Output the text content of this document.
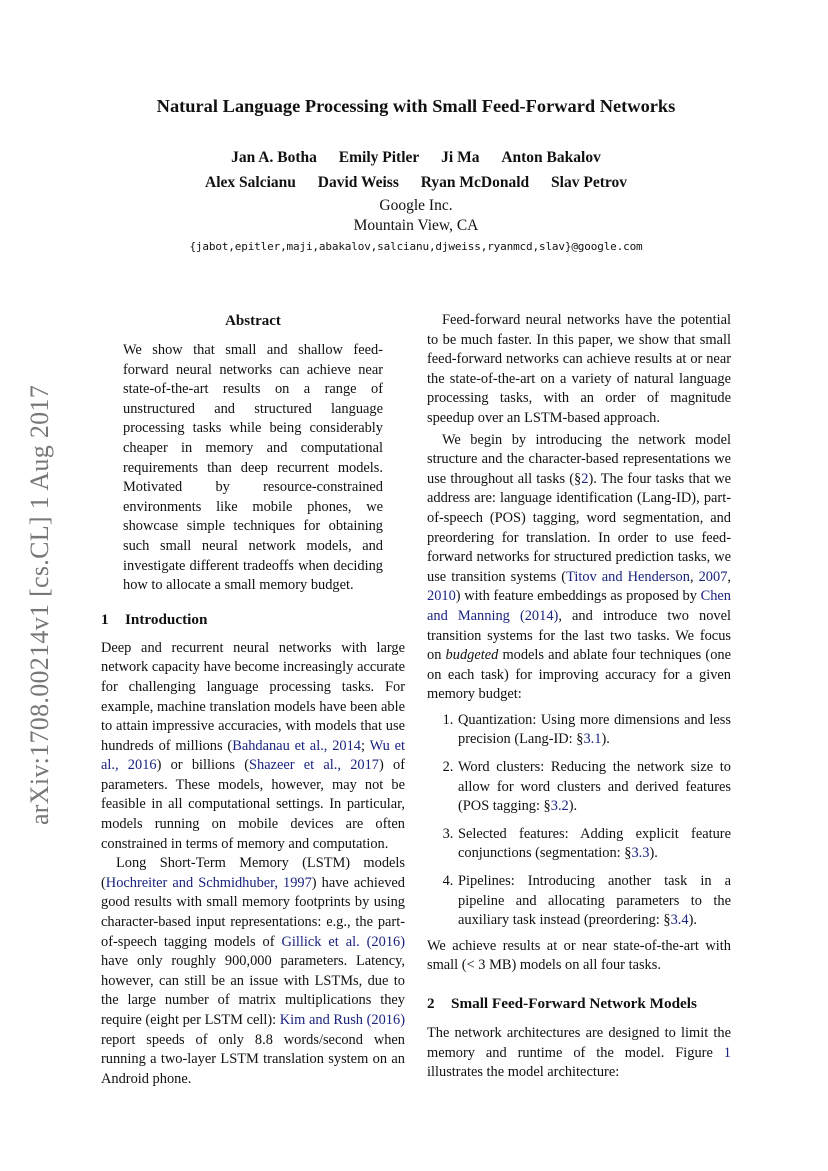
arXiv:1708.00214v1 [cs.CL] 1 Aug 2017
Natural Language Processing with Small Feed-Forward Networks
Jan A. Botha Emily Pitler Ji Ma Anton Bakalov
Alex Salcianu David Weiss Ryan McDonald Slav Petrov
Google Inc.
Mountain View, CA
{jabot,epitler,maji,abakalov,salcianu,djweiss,ryanmcd,slav}@google.com
Abstract

We show that small and shallow feed-forward neural networks can achieve near state-of-the-art results on a range of unstructured and structured language processing tasks while being considerably cheaper in memory and computational requirements than deep recurrent models. Motivated by resource-constrained environments like mobile phones, we showcase simple techniques for obtaining such small neural network models, and investigate different tradeoffs when deciding how to allocate a small memory budget.

1 Introduction

Deep and recurrent neural networks with large network capacity have become increasingly accurate for challenging language processing tasks. For example, machine translation models have been able to attain impressive accuracies, with models that use hundreds of millions (Bahdanau et al., 2014; Wu et al., 2016) or billions (Shazeer et al., 2017) of parameters. These models, however, may not be feasible in all computational settings. In particular, models running on mobile devices are often constrained in terms of memory and computation.

Long Short-Term Memory (LSTM) models (Hochreiter and Schmidhuber, 1997) have achieved good results with small memory footprints by using character-based input representations: e.g., the part-of-speech tagging models of Gillick et al. (2016) have only roughly 900,000 parameters. Latency, however, can still be an issue with LSTMs, due to the large number of matrix multiplications they require (eight per LSTM cell): Kim and Rush (2016) report speeds of only 8.8 words/second when running a two-layer LSTM translation system on an Android phone.

Feed-forward neural networks have the potential to be much faster. In this paper, we show that small feed-forward networks can achieve results at or near the state-of-the-art on a variety of natural language processing tasks, with an order of magnitude speedup over an LSTM-based approach.

We begin by introducing the network model structure and the character-based representations we use throughout all tasks (§2). The four tasks that we address are: language identification (Lang-ID), part-of-speech (POS) tagging, word segmentation, and preordering for translation. In order to use feed-forward networks for structured prediction tasks, we use transition systems (Titov and Henderson, 2007, 2010) with feature embeddings as proposed by Chen and Manning (2014), and introduce two novel transition systems for the last two tasks. We focus on budgeted models and ablate four techniques (one on each task) for improving accuracy for a given memory budget:

1. Quantization: Using more dimensions and less precision (Lang-ID: §3.1).
2. Word clusters: Reducing the network size to allow for word clusters and derived features (POS tagging: §3.2).
3. Selected features: Adding explicit feature conjunctions (segmentation: §3.3).
4. Pipelines: Introducing another task in a pipeline and allocating parameters to the auxiliary task instead (preordering: §3.4).

We achieve results at or near state-of-the-art with small (< 3 MB) models on all four tasks.

2 Small Feed-Forward Network Models

The network architectures are designed to limit the memory and runtime of the model. Figure 1 illustrates the model architecture:
